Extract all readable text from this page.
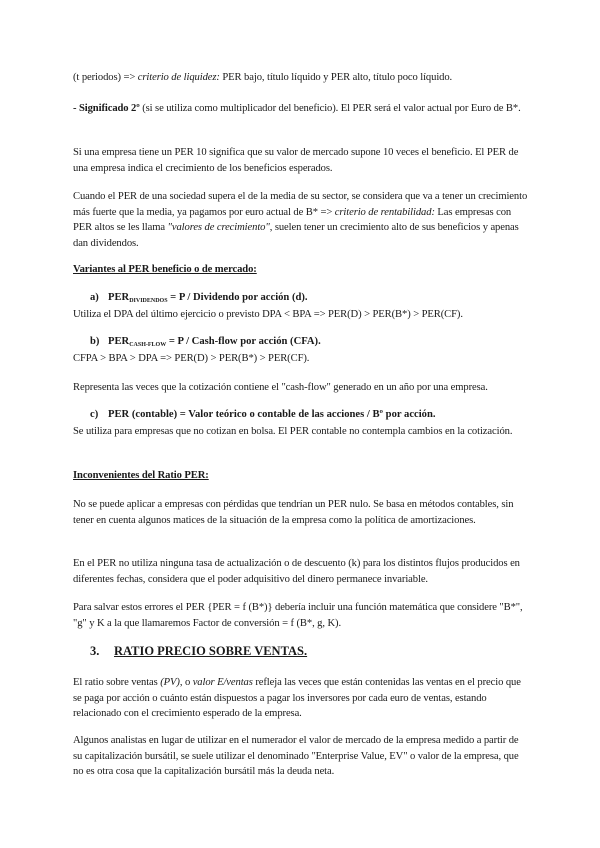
(t periodos) => criterio de liquidez: PER bajo, título líquido y PER alto, título poco líquido.

- Significado 2º (si se utiliza como multiplicador del beneficio). El PER será el valor actual por Euro de B*.

Si una empresa tiene un PER 10 significa que su valor de mercado supone 10 veces el beneficio. El PER de una empresa indica el crecimiento de los beneficios esperados.

Cuando el PER de una sociedad supera el de la media de su sector, se considera que va a tener un crecimiento más fuerte que la media, ya pagamos por euro actual de B* => criterio de rentabilidad: Las empresas con PER altos se les llama "valores de crecimiento", suelen tener un crecimiento alto de sus beneficios y apenas dan dividendos.

Variantes al PER beneficio o de mercado:

a) $PER_{DIVIDENDOS} = P$ / Dividendo por acción (d).

Utiliza el DPA del último ejercicio o previsto DPA < BPA => PER(D) > PER(B*) > PER(CF).

b) $PER_{CASH-FLOW} = P$ / Cash-flow por acción (CFA).

CFPA > BPA > DPA => PER(D) > PER(B*) > PER(CF).

Representa las veces que la cotización contiene el "cash-flow" generado en un año por una empresa.

c) PER (contable) = Valor teórico o contable de las acciones / Bº por acción.

Se utiliza para empresas que no cotizan en bolsa. El PER contable no contempla cambios en la cotización.

Inconvenientes del Ratio PER:

No se puede aplicar a empresas con pérdidas que tendrían un PER nulo. Se basa en métodos contables, sin tener en cuenta algunos matices de la situación de la empresa como la política de amortizaciones.

En el PER no utiliza ninguna tasa de actualización o de descuento (k) para los distintos flujos producidos en diferentes fechas, considera que el poder adquisitivo del dinero permanece invariable.

Para salvar estos errores el PER {PER = f (B*)} debería incluir una función matemática que considere "B*", "g" y K a la que llamaremos Factor de conversión = f (B*, g, K).

3. RATIO PRECIO SOBRE VENTAS.

El ratio sobre ventas (PV), o valor E/ventas refleja las veces que están contenidas las ventas en el precio que se paga por acción o cuánto están dispuestos a pagar los inversores por cada euro de ventas, estando relacionado con el crecimiento esperado de la empresa.

Algunos analistas en lugar de utilizar en el numerador el valor de mercado de la empresa medido a partir de su capitalización bursátil, se suele utilizar el denominado "Enterprise Value, EV" o valor de la empresa, que no es otra cosa que la capitalización bursátil más la deuda neta.
